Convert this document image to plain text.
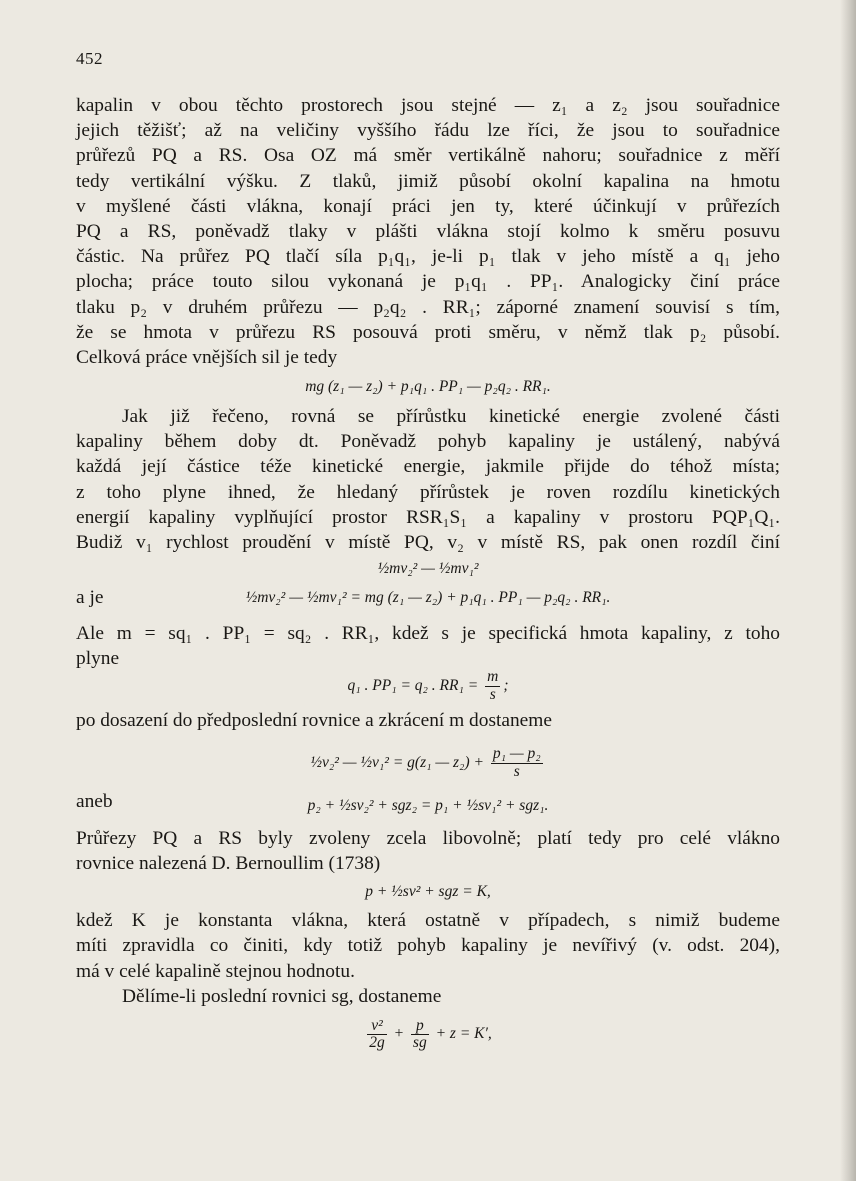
452
kapalin v obou těchto prostorech jsou stejné — z₁ a z₂ jsou souřadnice
jejich těžišť; až na veličiny vyššího řádu lze říci, že jsou to souřadnice
průřezů PQ a RS. Osa OZ má směr vertikálně nahoru; souřadnice z měří
tedy vertikální výšku. Z tlaků, jimiž působí okolní kapalina na hmotu
v myšlené části vlákna, konají práci jen ty, které účinkují v průřezích
PQ a RS, poněvadž tlaky v plášti vlákna stojí kolmo k směru posuvu
částic. Na průřez PQ tlačí síla p₁q₁, je-li p₁ tlak v jeho místě a q₁ jeho
plocha; práce touto silou vykonaná je p₁q₁ . PP₁. Analogicky činí práce
tlaku p₂ v druhém průřezu — p₂q₂ . RR₁; záporné znamení souvisí s tím,
že se hmota v průřezu RS posouvá proti směru, v němž tlak p₂ působí.
Celková práce vnějších sil je tedy
mg (z₁ — z₂) + p₁q₁ . PP₁ — p₂q₂ . RR₁.
Jak již řečeno, rovná se přírůstku kinetické energie zvolené části
kapaliny během doby dt. Poněvadž pohyb kapaliny je ustálený, nabývá
každá její částice téže kinetické energie, jakmile přijde do téhož místa;
z toho plyne ihned, že hledaný přírůstek je roven rozdílu kinetických
energií kapaliny vyplňující prostor RSR₁S₁ a kapaliny v prostoru PQP₁Q₁.
Budiž v₁ rychlost proudění v místě PQ, v₂ v místě RS, pak onen rozdíl činí
½mv₂² — ½mv₁²
a je	½mv₂² — ½mv₁² = mg (z₁ — z₂) + p₁q₁ . PP₁ — p₂q₂ . RR₁.
Ale m = sq₁ . PP₁ = sq₂ . RR₁, kdež s je specifická hmota kapaliny, z toho
plyne
q₁ . PP₁ = q₂ . $RR_1 = \frac{m}{s}$ ;
po dosazení do předposlední rovnice a zkrácení m dostaneme
½v₂² — ½v₁² = g(z₁ — $z_2) + \frac{\text{p₁ — p₂}}{s}$
aneb	p₂ + ½sv₂² + sgz₂ = p₁ + ½sv₁² + sgz₁.
Průřezy PQ a RS byly zvoleny zcela libovolně; platí tedy pro celé vlákno
rovnice nalezená D. Bernoullim (1738)
p + ½sv² + sgz = K,
kdež K je konstanta vlákna, která ostatně v případech, s nimiž budeme
míti zpravidla co činiti, kdy totiž pohyb kapaliny je nevířivý (v. odst. 204),
má v celé kapalině stejnou hodnotu.
Dělíme-li poslední rovnici sg, dostaneme
$\frac{\text{v²}}{2g} + \frac{p}{sg} + z = K'$,
